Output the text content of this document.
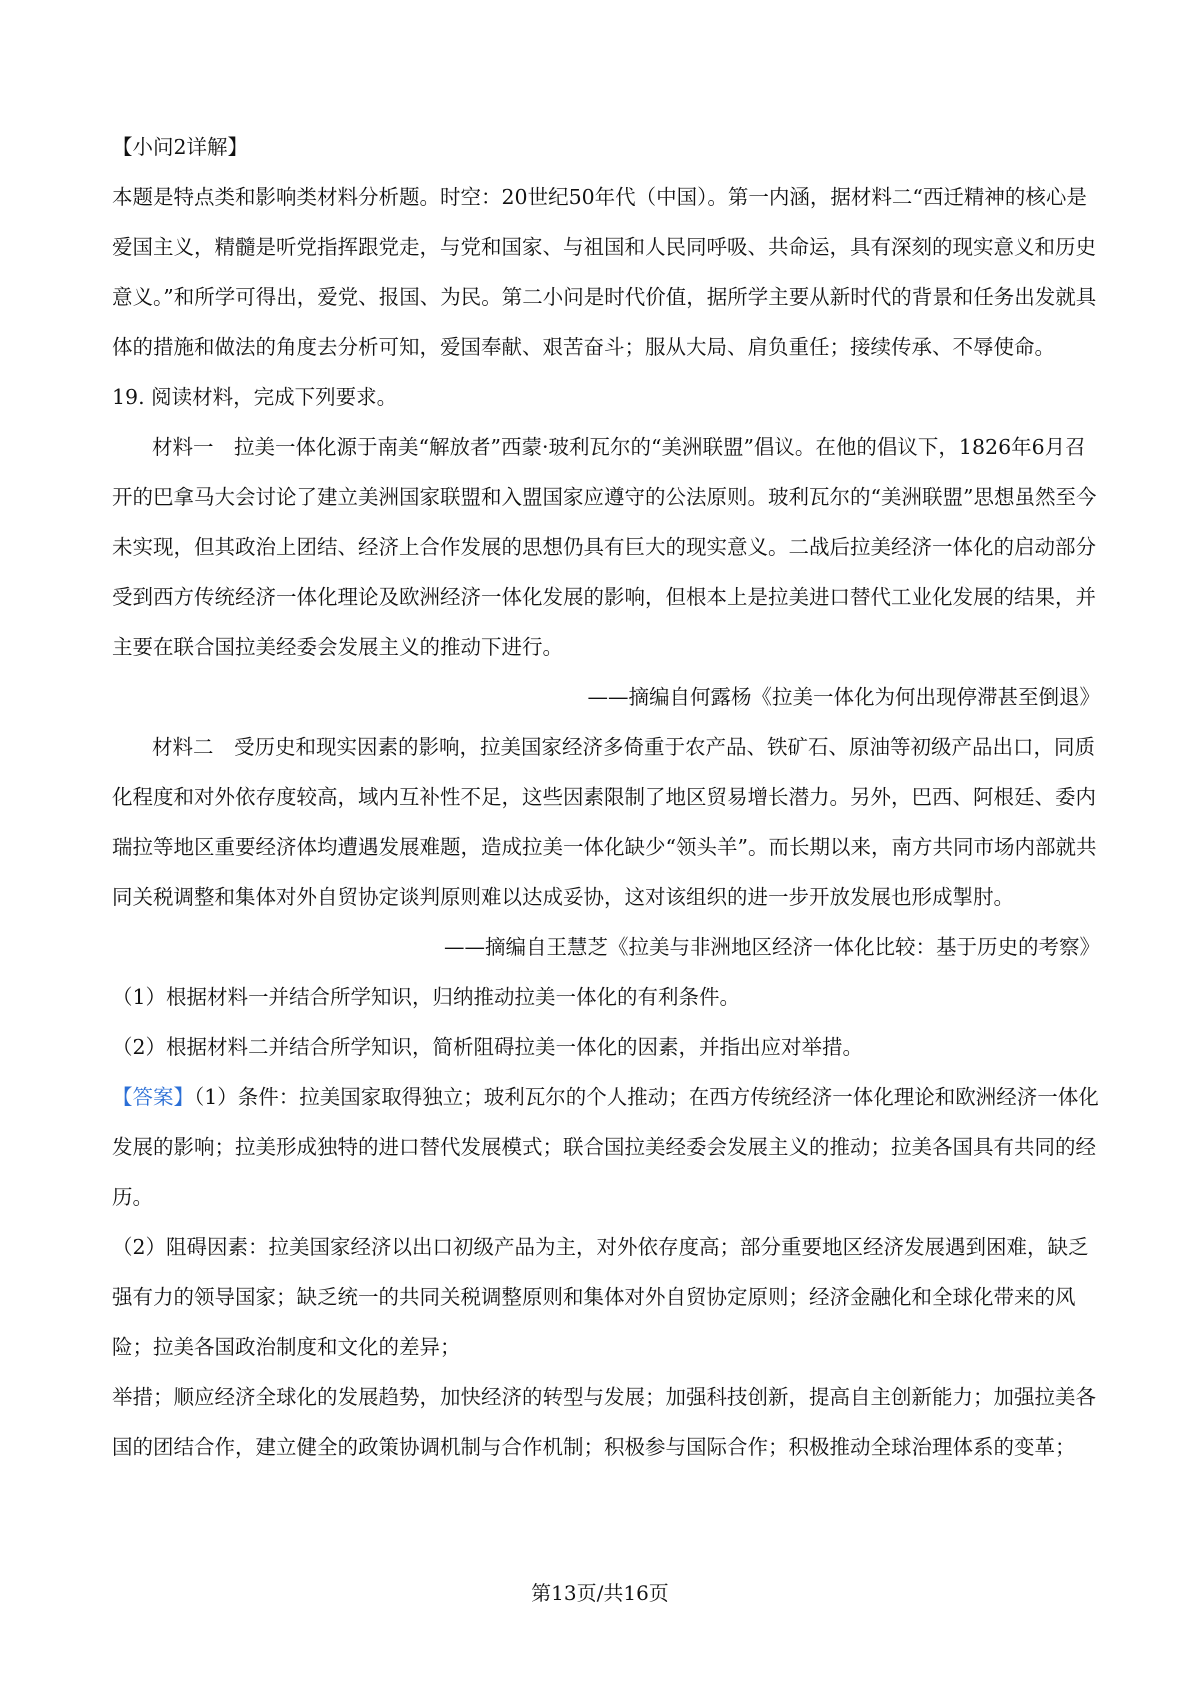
【小问2详解】

本题是特点类和影响类材料分析题。时空：20世纪50年代（中国）。第一内涵，据材料二“西迁精神的核心是爱国主义，精髓是听党指挥跟党走，与党和国家、与祖国和人民同呼吸、共命运，具有深刻的现实意义和历史意义。”和所学可得出，爱党、报国、为民。第二小问是时代价值，据所学主要从新时代的背景和任务出发就具体的措施和做法的角度去分析可知，爱国奉献、艰苦奋斗；服从大局、肩负重任；接续传承、不辱使命。

19. 阅读材料，完成下列要求。

材料一　拉美一体化源于南美“解放者”西蒙·玻利瓦尔的“美洲联盟”倡议。在他的倡议下，1826年6月召开的巴拿马大会讨论了建立美洲国家联盟和入盟国家应遵守的公法原则。玻利瓦尔的“美洲联盟”思想虽然至今未实现，但其政治上团结、经济上合作发展的思想仍具有巨大的现实意义。二战后拉美经济一体化的启动部分受到西方传统经济一体化理论及欧洲经济一体化发展的影响，但根本上是拉美进口替代工业化发展的结果，并主要在联合国拉美经委会发展主义的推动下进行。

——摘编自何露杨《拉美一体化为何出现停滞甚至倒退》

材料二　受历史和现实因素的影响，拉美国家经济多倚重于农产品、铁矿石、原油等初级产品出口，同质化程度和对外依存度较高，域内互补性不足，这些因素限制了地区贸易增长潜力。另外，巴西、阿根廷、委内瑞拉等地区重要经济体均遭遇发展难题，造成拉美一体化缺少“领头羊”。而长期以来，南方共同市场内部就共同关税调整和集体对外自贸协定谈判原则难以达成妥协，这对该组织的进一步开放发展也形成掣肘。

——摘编自王慧芝《拉美与非洲地区经济一体化比较：基于历史的考察》

（1）根据材料一并结合所学知识，归纳推动拉美一体化的有利条件。

（2）根据材料二并结合所学知识，简析阻碍拉美一体化的因素，并指出应对举措。

【答案】（1）条件：拉美国家取得独立；玻利瓦尔的个人推动；在西方传统经济一体化理论和欧洲经济一体化发展的影响；拉美形成独特的进口替代发展模式；联合国拉美经委会发展主义的推动；拉美各国具有共同的经历。

（2）阻碍因素：拉美国家经济以出口初级产品为主，对外依存度高；部分重要地区经济发展遇到困难，缺乏强有力的领导国家；缺乏统一的共同关税调整原则和集体对外自贸协定原则；经济金融化和全球化带来的风险；拉美各国政治制度和文化的差异；

举措；顺应经济全球化的发展趋势，加快经济的转型与发展；加强科技创新，提高自主创新能力；加强拉美各国的团结合作，建立健全的政策协调机制与合作机制；积极参与国际合作；积极推动全球治理体系的变革；

第13页/共16页
